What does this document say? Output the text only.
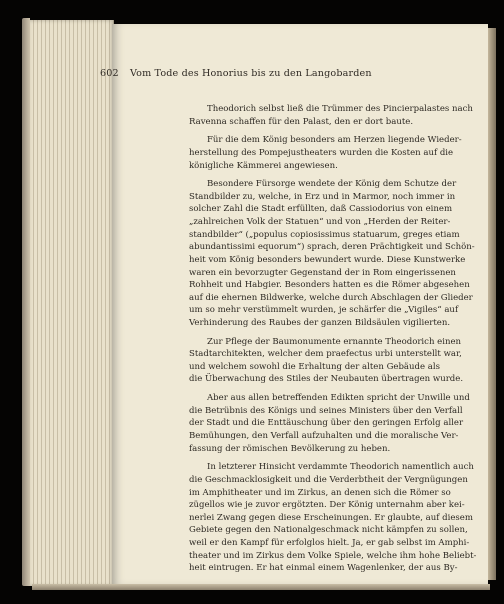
602 Vom Tode des Honorius bis zu den Langobarden
Theodorich selbst ließ die Trümmer des Pincierpalastes nach
Ravenna schaffen für den Palast, den er dort baute.
Für die dem König besonders am Herzen liegende Wieder-
herstellung des Pompejustheaters wurden die Kosten auf die
königliche Kämmerei angewiesen.
Besondere Fürsorge wendete der König dem Schutze der
Standbilder zu, welche, in Erz und in Marmor, noch immer in
solcher Zahl die Stadt erfüllten, daß Cassiodorius von einem
„zahlreichen Volk der Statuen“ und von „Herden der Reiter-
standbilder“ („populus copiosissimus statuarum, greges etiam
abundantissimi equorum“) sprach, deren Prächtigkeit und Schön-
heit vom König besonders bewundert wurde. Diese Kunstwerke
waren ein bevorzugter Gegenstand der in Rom eingerissenen
Rohheit und Habgier. Besonders hatten es die Römer abgesehen
auf die ehernen Bildwerke, welche durch Abschlagen der Glieder
um so mehr verstümmelt wurden, je schärfer die „Vigiles“ auf
Verhinderung des Raubes der ganzen Bildsäulen vigilierten.
Zur Pflege der Baumonumente ernannte Theodorich einen
Stadtarchitekten, welcher dem praefectus urbi unterstellt war,
und welchem sowohl die Erhaltung der alten Gebäude als
die Überwachung des Stiles der Neubauten übertragen wurde.
Aber aus allen betreffenden Edikten spricht der Unwille und
die Betrübnis des Königs und seines Ministers über den Verfall
der Stadt und die Enttäuschung über den geringen Erfolg aller
Bemühungen, den Verfall aufzuhalten und die moralische Ver-
fassung der römischen Bevölkerung zu heben.
In letzterer Hinsicht verdammte Theodorich namentlich auch
die Geschmacklosigkeit und die Verderbtheit der Vergnügungen
im Amphitheater und im Zirkus, an denen sich die Römer so
zügellos wie je zuvor ergötzten. Der König unternahm aber kei-
nerlei Zwang gegen diese Erscheinungen. Er glaubte, auf diesem
Gebiete gegen den Nationalgeschmack nicht kämpfen zu sollen,
weil er den Kampf für erfolglos hielt. Ja, er gab selbst im Amphi-
theater und im Zirkus dem Volke Spiele, welche ihm hohe Beliebt-
heit eintrugen. Er hat einmal einem Wagenlenker, der aus By-
